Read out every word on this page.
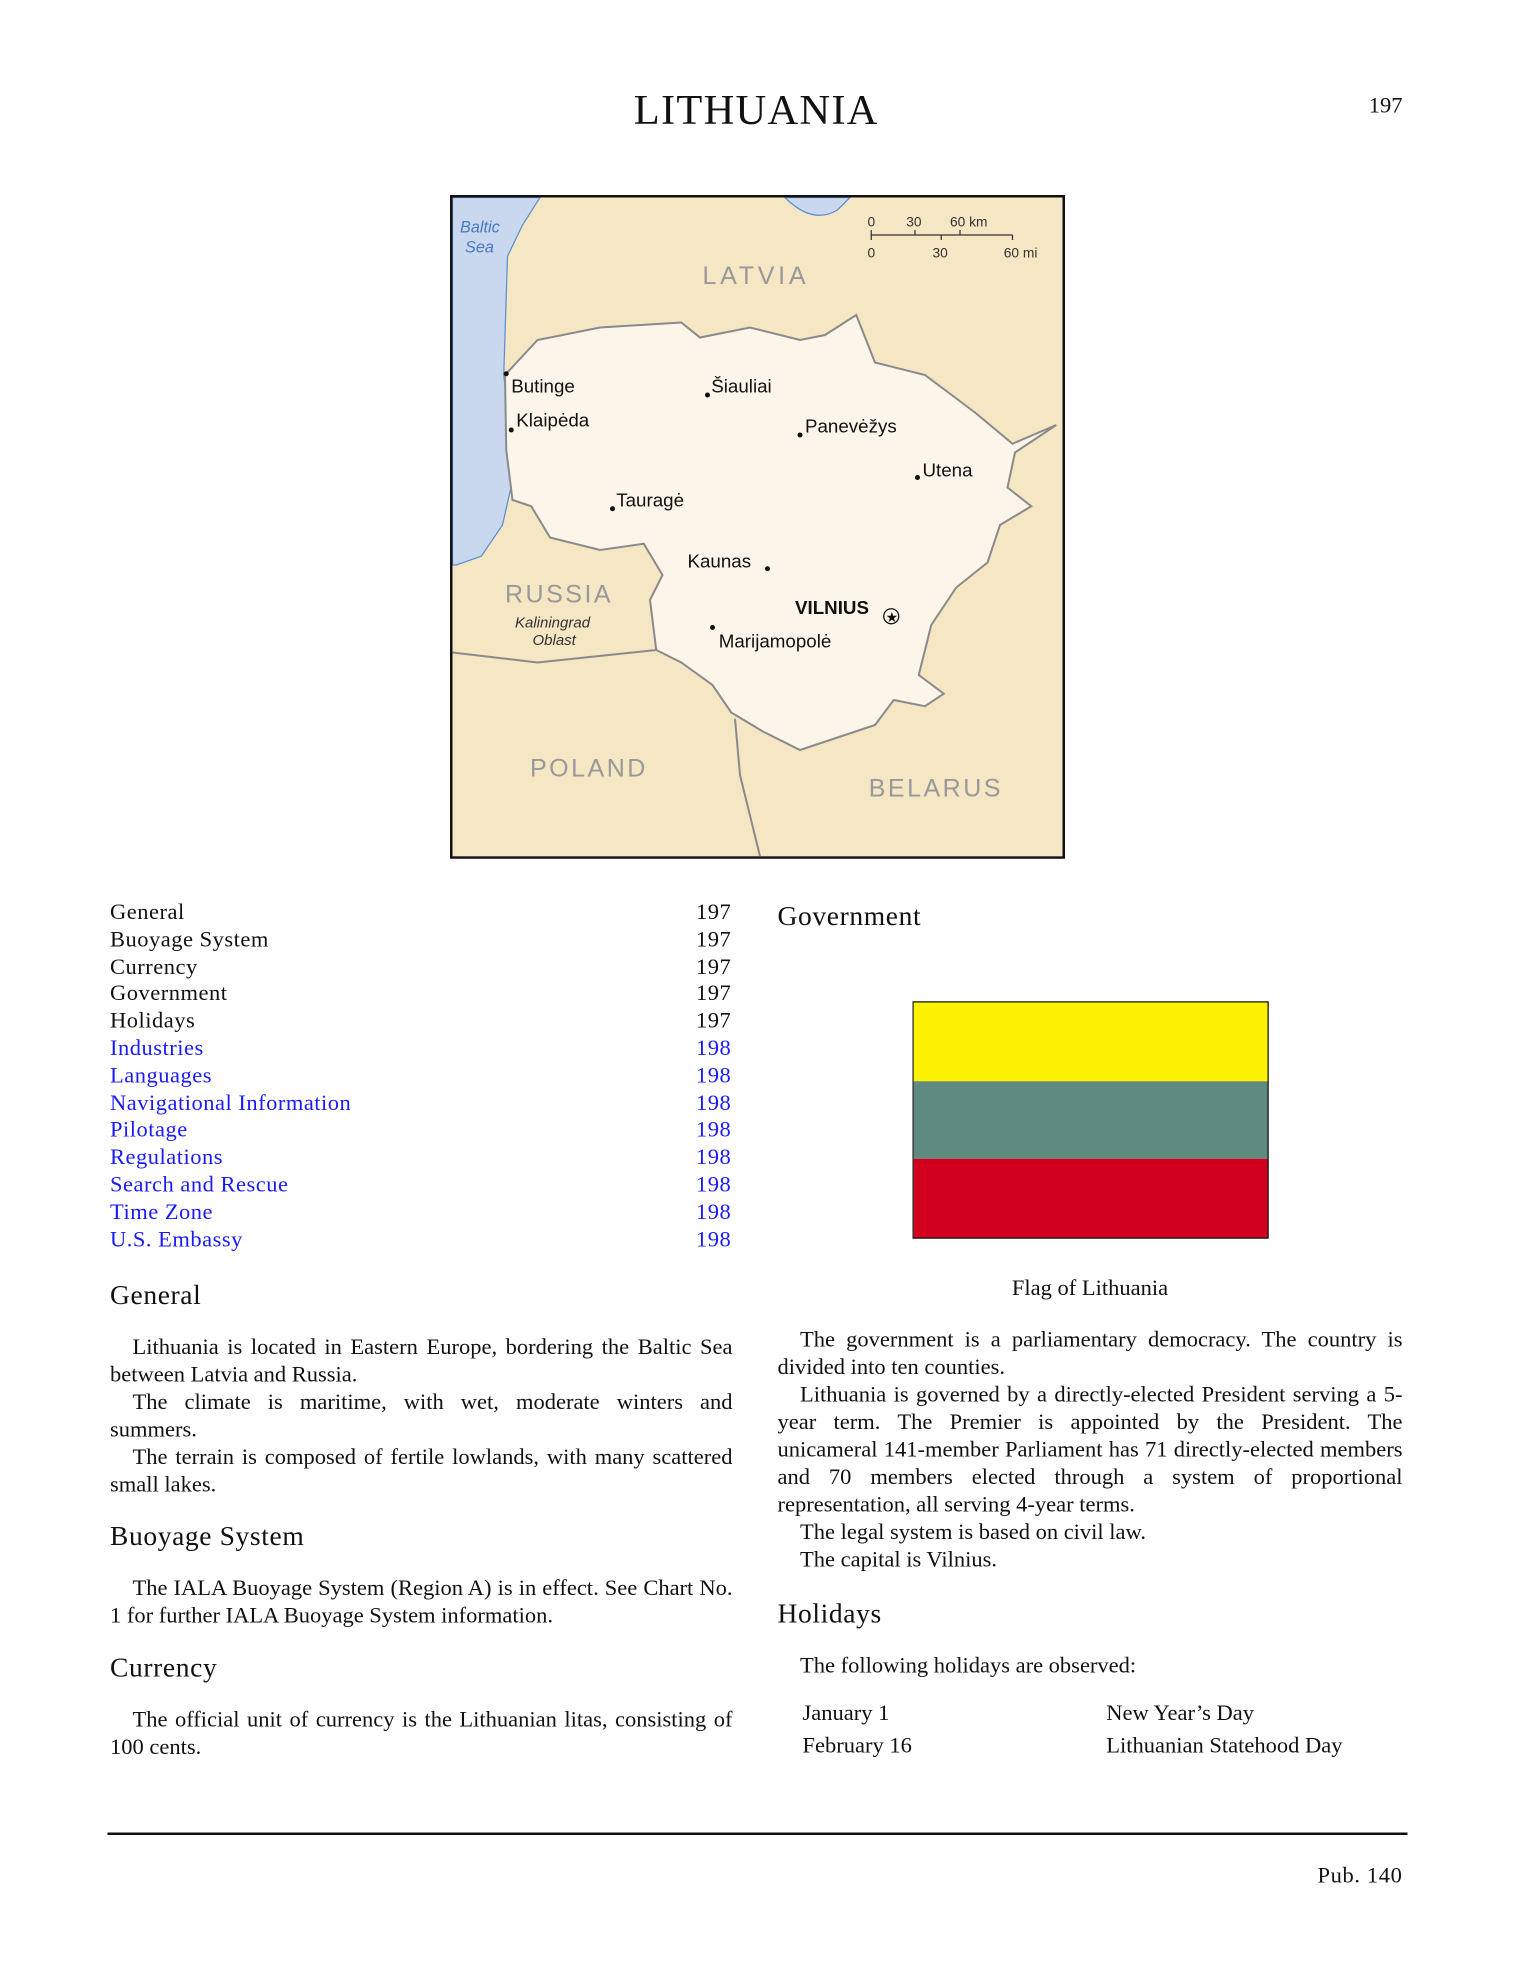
LITHUANIA	197
Baltic
Sea
LATVIA
RUSSIA
Kaliningrad
Oblast
POLAND
BELARUS
Butinge
Klaipėda
Šiauliai
Panevėžys
Utena
Tauragė
Kaunas
VILNIUS ★
Marijamopolė
0	30	60 km
0	30	60 mi
General	197
Buoyage System	197
Currency	197
Government	197
Holidays	197
Industries	198
Languages	198
Navigational Information	198
Pilotage	198
Regulations	198
Search and Rescue	198
Time Zone	198
U.S. Embassy	198
General

Lithuania is located in Eastern Europe, bordering the Baltic Sea between Latvia and Russia.

The climate is maritime, with wet, moderate winters and summers.

The terrain is composed of fertile lowlands, with many scattered small lakes.

Buoyage System

The IALA Buoyage System (Region A) is in effect. See Chart No. 1 for further IALA Buoyage System information.

Currency

The official unit of currency is the Lithuanian litas, consisting of 100 cents.

Government
Flag of Lithuania

The government is a parliamentary democracy. The country is divided into ten counties.

Lithuania is governed by a directly-elected President serving a 5-year term. The Premier is appointed by the President. The unicameral 141-member Parliament has 71 directly-elected members and 70 members elected through a system of proportional representation, all serving 4-year terms.

The legal system is based on civil law.

The capital is Vilnius.

Holidays

The following holidays are observed:

January 1	New Year’s Day
February 16	Lithuanian Statehood Day
Pub. 140
